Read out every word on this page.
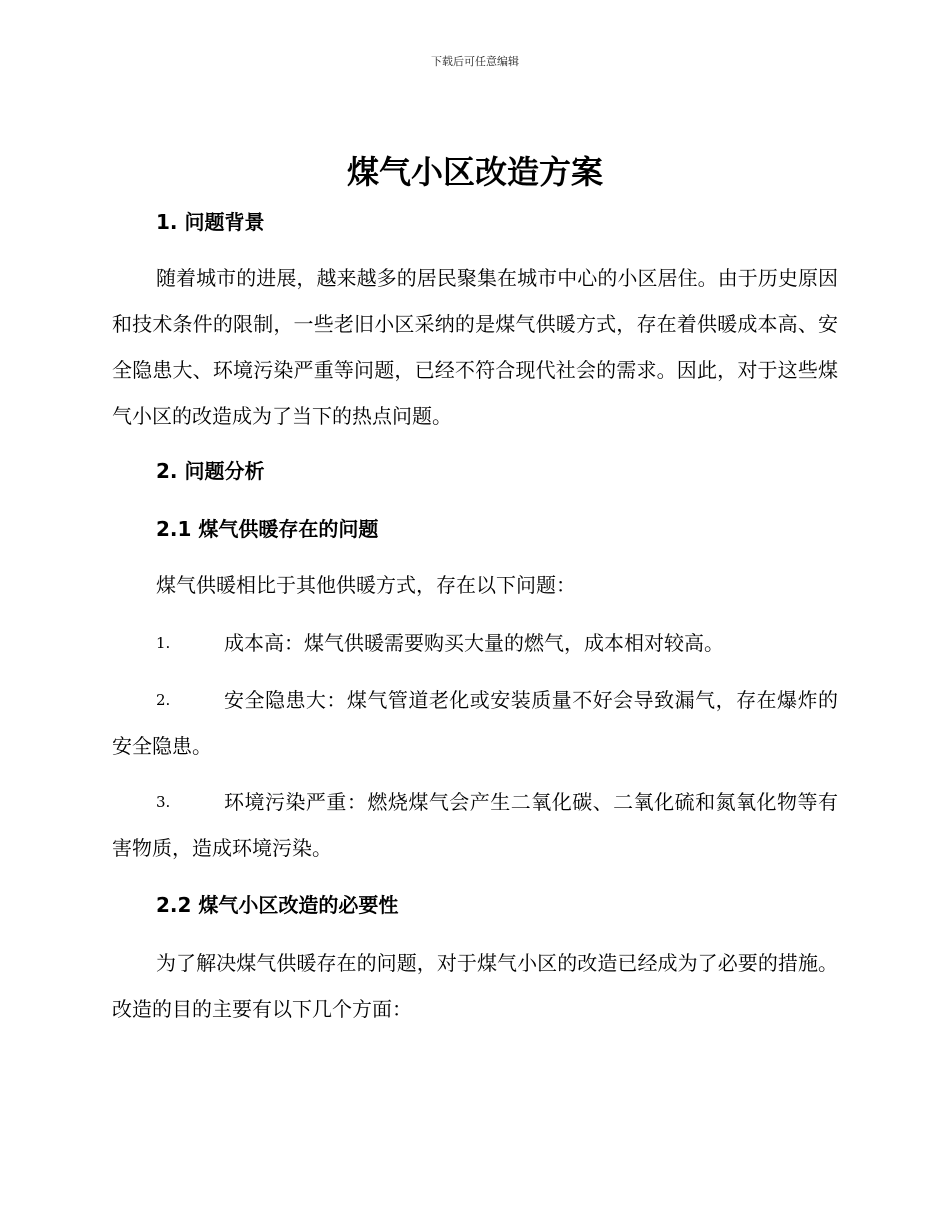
下载后可任意编辑
煤气小区改造方案
1. 问题背景

随着城市的进展，越来越多的居民聚集在城市中心的小区居住。由于历史原因和技术条件的限制，一些老旧小区采纳的是煤气供暖方式，存在着供暖成本高、安全隐患大、环境污染严重等问题，已经不符合现代社会的需求。因此，对于这些煤气小区的改造成为了当下的热点问题。

2. 问题分析
2.1 煤气供暖存在的问题

煤气供暖相比于其他供暖方式，存在以下问题：

1.	成本高：煤气供暖需要购买大量的燃气，成本相对较高。
2.	安全隐患大：煤气管道老化或安装质量不好会导致漏气，存在爆炸的安全隐患。
3.	环境污染严重：燃烧煤气会产生二氧化碳、二氧化硫和氮氧化物等有害物质，造成环境污染。
2.2 煤气小区改造的必要性

为了解决煤气供暖存在的问题，对于煤气小区的改造已经成为了必要的措施。改造的目的主要有以下几个方面：
